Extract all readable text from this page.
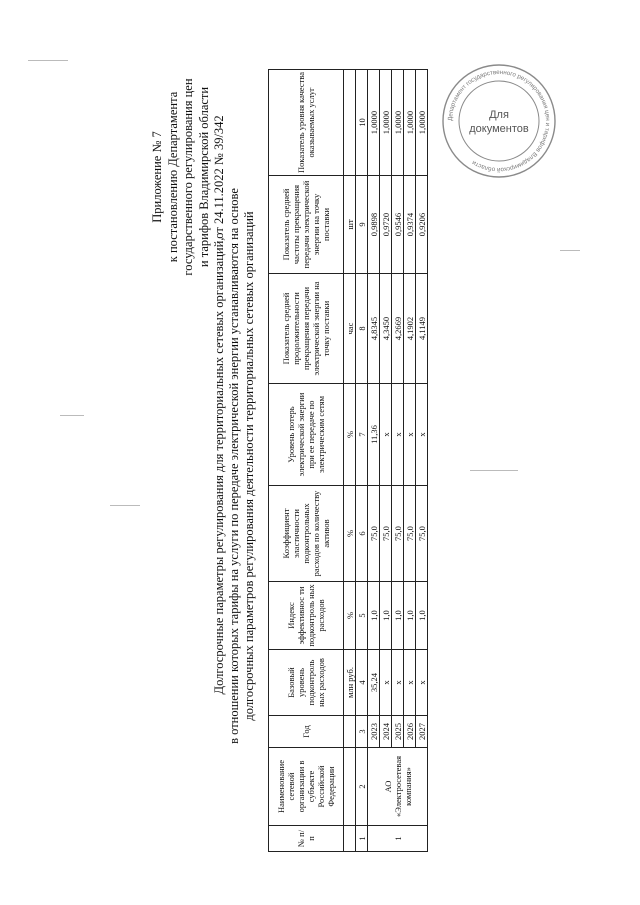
Приложение № 7 к постановлению Департамента государственного регулирования цен и тарифов Владимирской области от 24.11.2022 № 39/342
Долгосрочные параметры регулирования для территориальных сетевых организаций, в отношении которых тарифы на услуги по передаче электрической энергии устанавливаются на основе долгосрочных параметров регулирования деятельности территориальных сетевых организаций
№ п/п	Наименование сетевой организации в субъекте Российской Федерации	Год	Базовый уровень подконтроль ных расходов	Индекс эффективнос ти подконтроль ных расходов	Коэффициент эластичности подконтрольных расходов по количеству активов	Уровень потерь электрической энергии при ее передаче по электрическим сетям	Показатель средней продолжительности прекращения передачи электрической энергии на точку поставки	Показатель средней частоты прекращения передачи электрической энергии на точку поставки	Показатель уровня качества оказываемых услуг
			млн руб.	%	%	%	час	шт	
1	2	3	4	5	6	7	8	9	10
1	АО «Электросетевая компания»	2023	35,24	1,0	75,0	11,36	4,8345	0,9898	1,0000
		2024	х	1,0	75,0	х	4,3450	0,9720	1,0000
		2025	х	1,0	75,0	х	4,2669	0,9546	1,0000
		2026	х	1,0	75,0	х	4,1902	0,9374	1,0000
		2027	х	1,0	75,0	х	4,1149	0,9206	1,0000	Департамент государственного регулирования цен и тарифов Владимирской области
Для
документов
